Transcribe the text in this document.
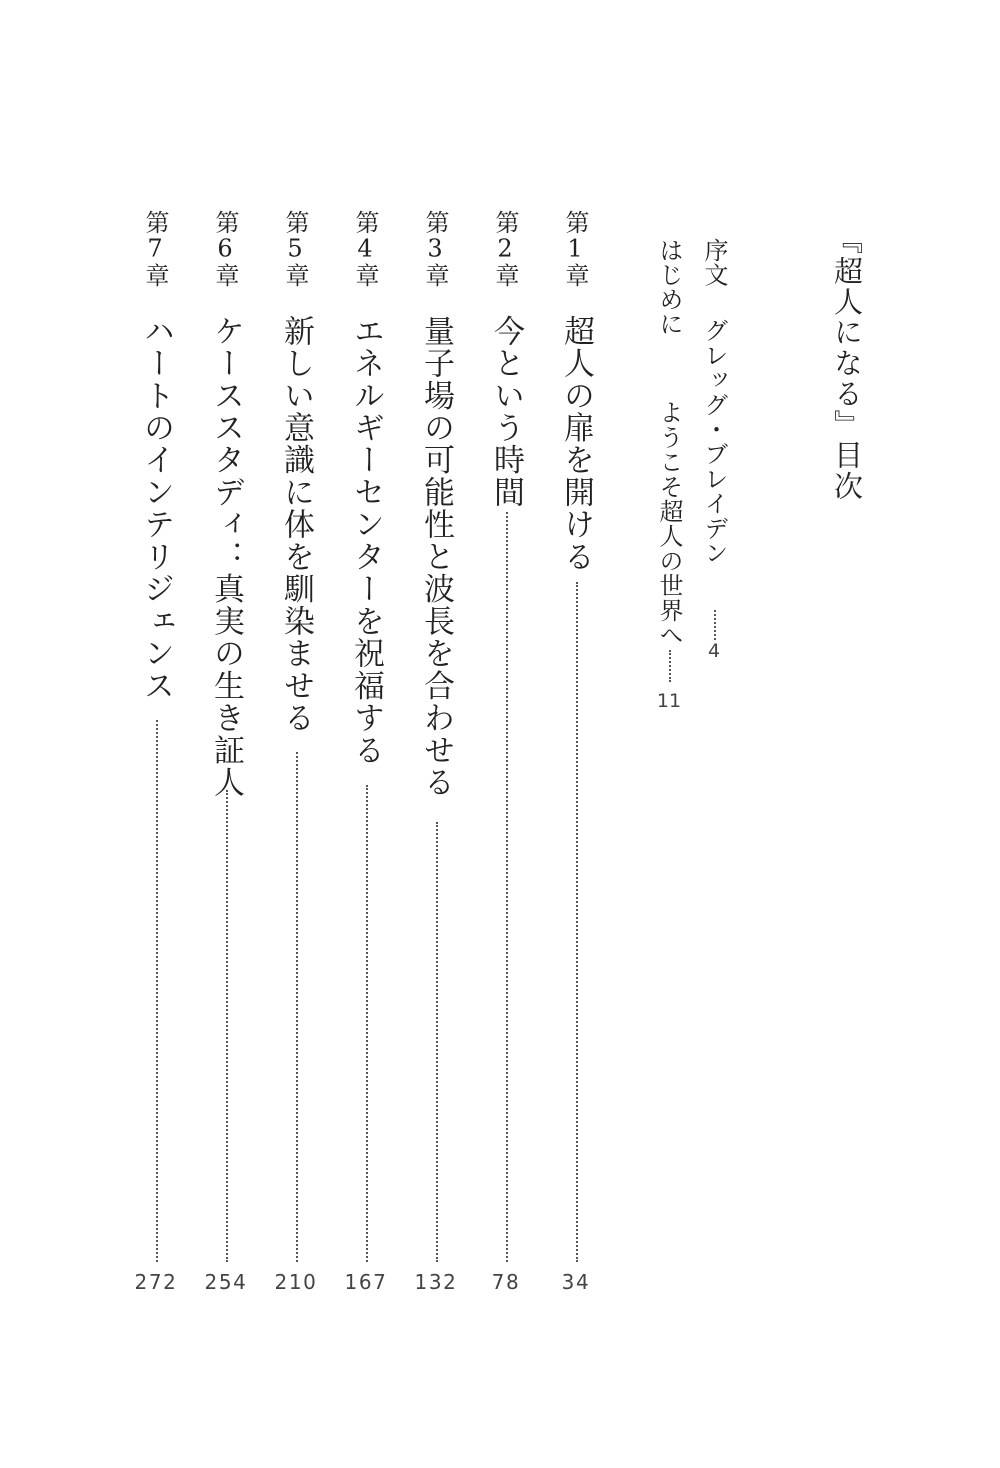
『超人になる』目次
序文
グレッグ・ブレイデン
4
はじめに
ようこそ超人の世界へ
11
第1章
超人の扉を開ける
34
第2章
今という時間
78
第3章
量子場の可能性と波長を合わせる
132
第4章
エネルギーセンターを祝福する
167
第5章
新しい意識に体を馴染ませる
210
第6章
ケーススタディ：真実の生き証人
254
第7章
ハートのインテリジェンス
272
